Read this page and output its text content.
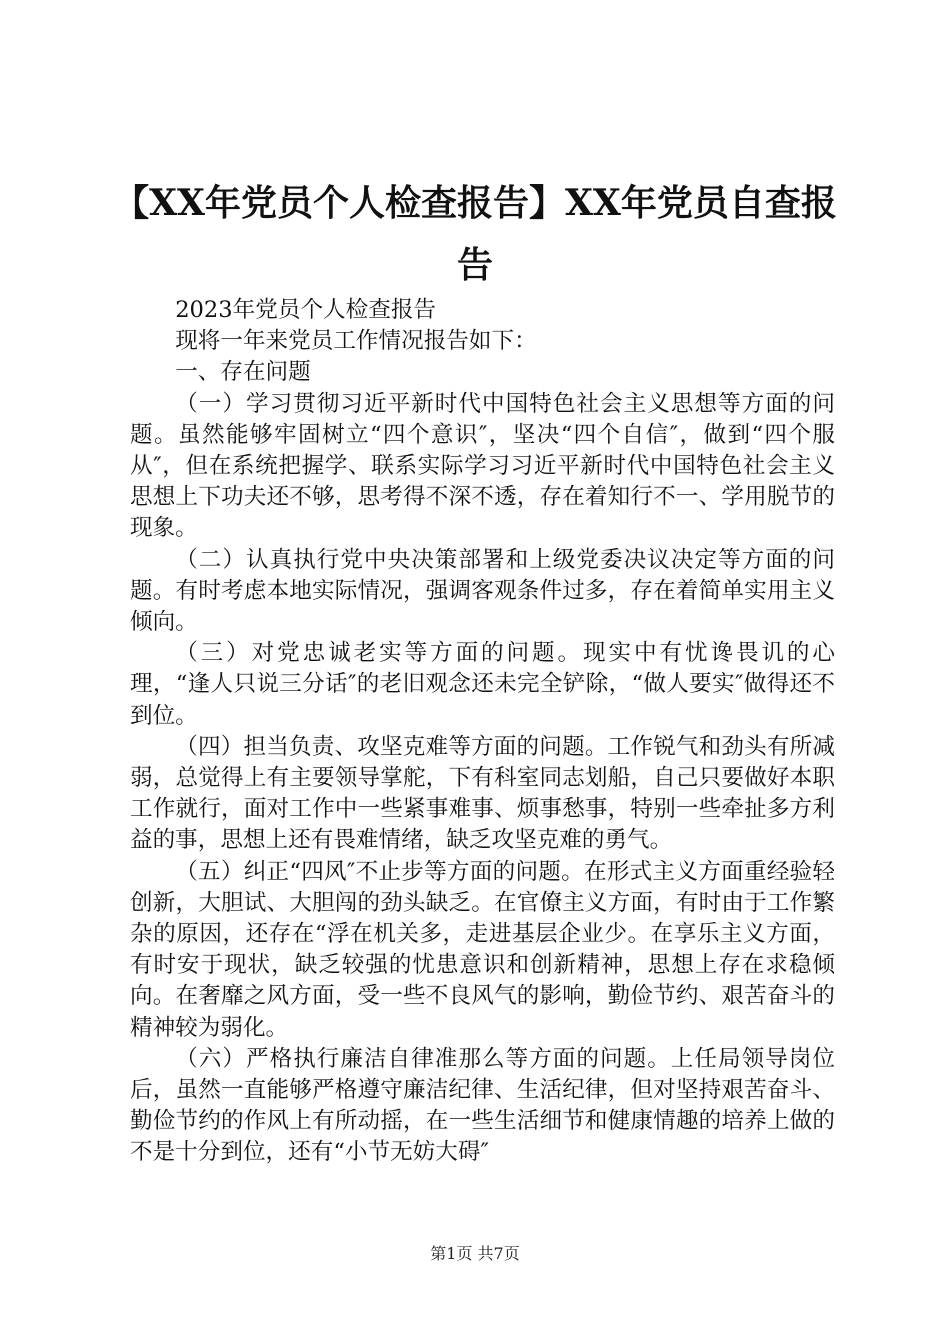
【XX年党员个人检查报告】XX年党员自查报
告

2023年党员个人检查报告

现将一年来党员工作情况报告如下：

一、存在问题

（一）学习贯彻习近平新时代中国特色社会主义思想等方面的问题。虽然能够牢固树立“四个意识″，坚决“四个自信″，做到“四个服从″，但在系统把握学、联系实际学习习近平新时代中国特色社会主义思想上下功夫还不够，思考得不深不透，存在着知行不一、学用脱节的现象。

（二）认真执行党中央决策部署和上级党委决议决定等方面的问题。有时考虑本地实际情况，强调客观条件过多，存在着简单实用主义倾向。

（三）对党忠诚老实等方面的问题。现实中有忧谗畏讥的心理，“逢人只说三分话″的老旧观念还未完全铲除，“做人要实″做得还不到位。

（四）担当负责、攻坚克难等方面的问题。工作锐气和劲头有所减弱，总觉得上有主要领导掌舵，下有科室同志划船，自己只要做好本职工作就行，面对工作中一些紧事难事、烦事愁事，特别一些牵扯多方利益的事，思想上还有畏难情绪，缺乏攻坚克难的勇气。

（五）纠正“四风″不止步等方面的问题。在形式主义方面重经验轻创新，大胆试、大胆闯的劲头缺乏。在官僚主义方面，有时由于工作繁杂的原因，还存在“浮在机关多，走进基层企业少。在享乐主义方面，有时安于现状，缺乏较强的忧患意识和创新精神，思想上存在求稳倾向。在奢靡之风方面，受一些不良风气的影响，勤俭节约、艰苦奋斗的精神较为弱化。

（六）严格执行廉洁自律准那么等方面的问题。上任局领导岗位后，虽然一直能够严格遵守廉洁纪律、生活纪律，但对坚持艰苦奋斗、勤俭节约的作风上有所动摇，在一些生活细节和健康情趣的培养上做的不是十分到位，还有“小节无妨大碍″

第1页 共7页
